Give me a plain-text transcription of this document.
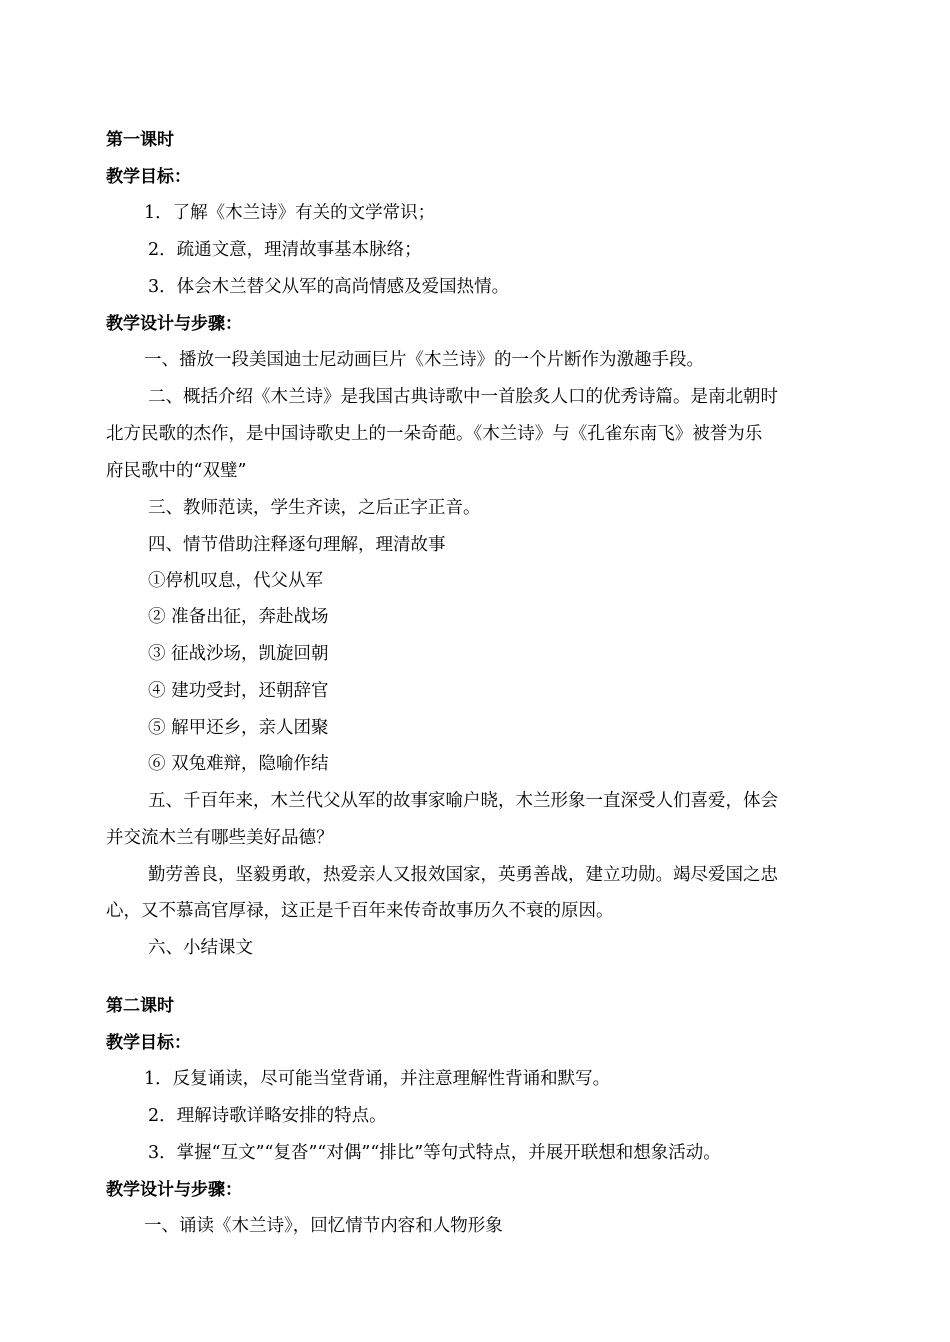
第一课时
教学目标：
1．了解《木兰诗》有关的文学常识；
2．疏通文意，理清故事基本脉络；
3．体会木兰替父从军的高尚情感及爱国热情。
教学设计与步骤：
一、播放一段美国迪士尼动画巨片《木兰诗》的一个片断作为激趣手段。
二、概括介绍《木兰诗》是我国古典诗歌中一首脍炙人口的优秀诗篇。是南北朝时
北方民歌的杰作，是中国诗歌史上的一朵奇葩。《木兰诗》与《孔雀东南飞》被誉为乐
府民歌中的“双璧”
三、教师范读，学生齐读，之后正字正音。
四、情节借助注释逐句理解，理清故事
①停机叹息，代父从军
② 准备出征，奔赴战场
③ 征战沙场，凯旋回朝
④ 建功受封，还朝辞官
⑤ 解甲还乡，亲人团聚
⑥ 双兔难辩，隐喻作结
五、千百年来，木兰代父从军的故事家喻户晓，木兰形象一直深受人们喜爱，体会
并交流木兰有哪些美好品德？
勤劳善良，坚毅勇敢，热爱亲人又报效国家，英勇善战，建立功勋。竭尽爱国之忠
心，又不慕高官厚禄，这正是千百年来传奇故事历久不衰的原因。
六、小结课文
第二课时
教学目标：
1．反复诵读，尽可能当堂背诵，并注意理解性背诵和默写。
2．理解诗歌详略安排的特点。
3．掌握“互文”“复沓”“对偶”“排比”等句式特点，并展开联想和想象活动。
教学设计与步骤：
一、诵读《木兰诗》，回忆情节内容和人物形象
